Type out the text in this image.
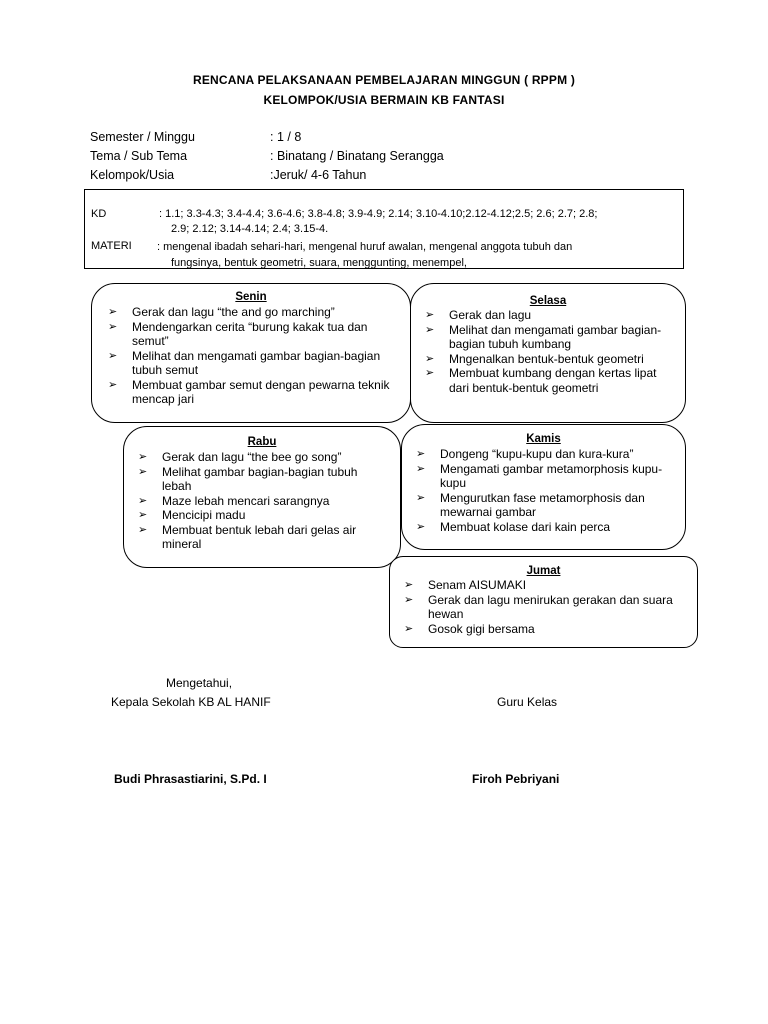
RENCANA PELAKSANAAN PEMBELAJARAN MINGGUN ( RPPM )
KELOMPOK/USIA BERMAIN KB FANTASI
Semester / Minggu	: 1 / 8
Tema / Sub Tema	: Binatang / Binatang Serangga
Kelompok/Usia	:Jeruk/ 4-6 Tahun
KD	: 1.1; 3.3-4.3; 3.4-4.4; 3.6-4.6; 3.8-4.8; 3.9-4.9; 2.14; 3.10-4.10;2.12-4.12;2.5; 2.6; 2.7; 2.8;
2.9; 2.12; 3.14-4.14; 2.4; 3.15-4.
MATERI : mengenal ibadah sehari-hari, mengenal huruf awalan, mengenal anggota tubuh dan
fungsinya, bentuk geometri, suara, menggunting, menempel,
Senin
➢ Gerak dan lagu “the and go marching”
➢ Mendengarkan cerita “burung kakak tua dan semut”
➢ Melihat dan mengamati gambar bagian-bagian tubuh semut
➢ Membuat gambar semut dengan pewarna teknik mencap jari
Selasa
➢ Gerak dan lagu
➢ Melihat dan mengamati gambar bagian-bagian tubuh kumbang
➢ Mngenalkan bentuk-bentuk geometri
➢ Membuat kumbang dengan kertas lipat dari bentuk-bentuk geometri
Rabu
➢ Gerak dan lagu “the bee go song”
➢ Melihat gambar bagian-bagian tubuh lebah
➢ Maze lebah mencari sarangnya
➢ Mencicipi madu
➢ Membuat bentuk lebah dari gelas air mineral
Kamis
➢ Dongeng “kupu-kupu dan kura-kura”
➢ Mengamati gambar metamorphosis kupu-kupu
➢ Mengurutkan fase metamorphosis dan mewarnai gambar
➢ Membuat kolase dari kain perca
Jumat
➢ Senam AISUMAKI
➢ Gerak dan lagu menirukan gerakan dan suara hewan
➢ Gosok gigi bersama
Mengetahui,
Kepala Sekolah KB AL HANIF	Guru Kelas
Budi Phrasastiarini, S.Pd. I	Firoh Pebriyani
